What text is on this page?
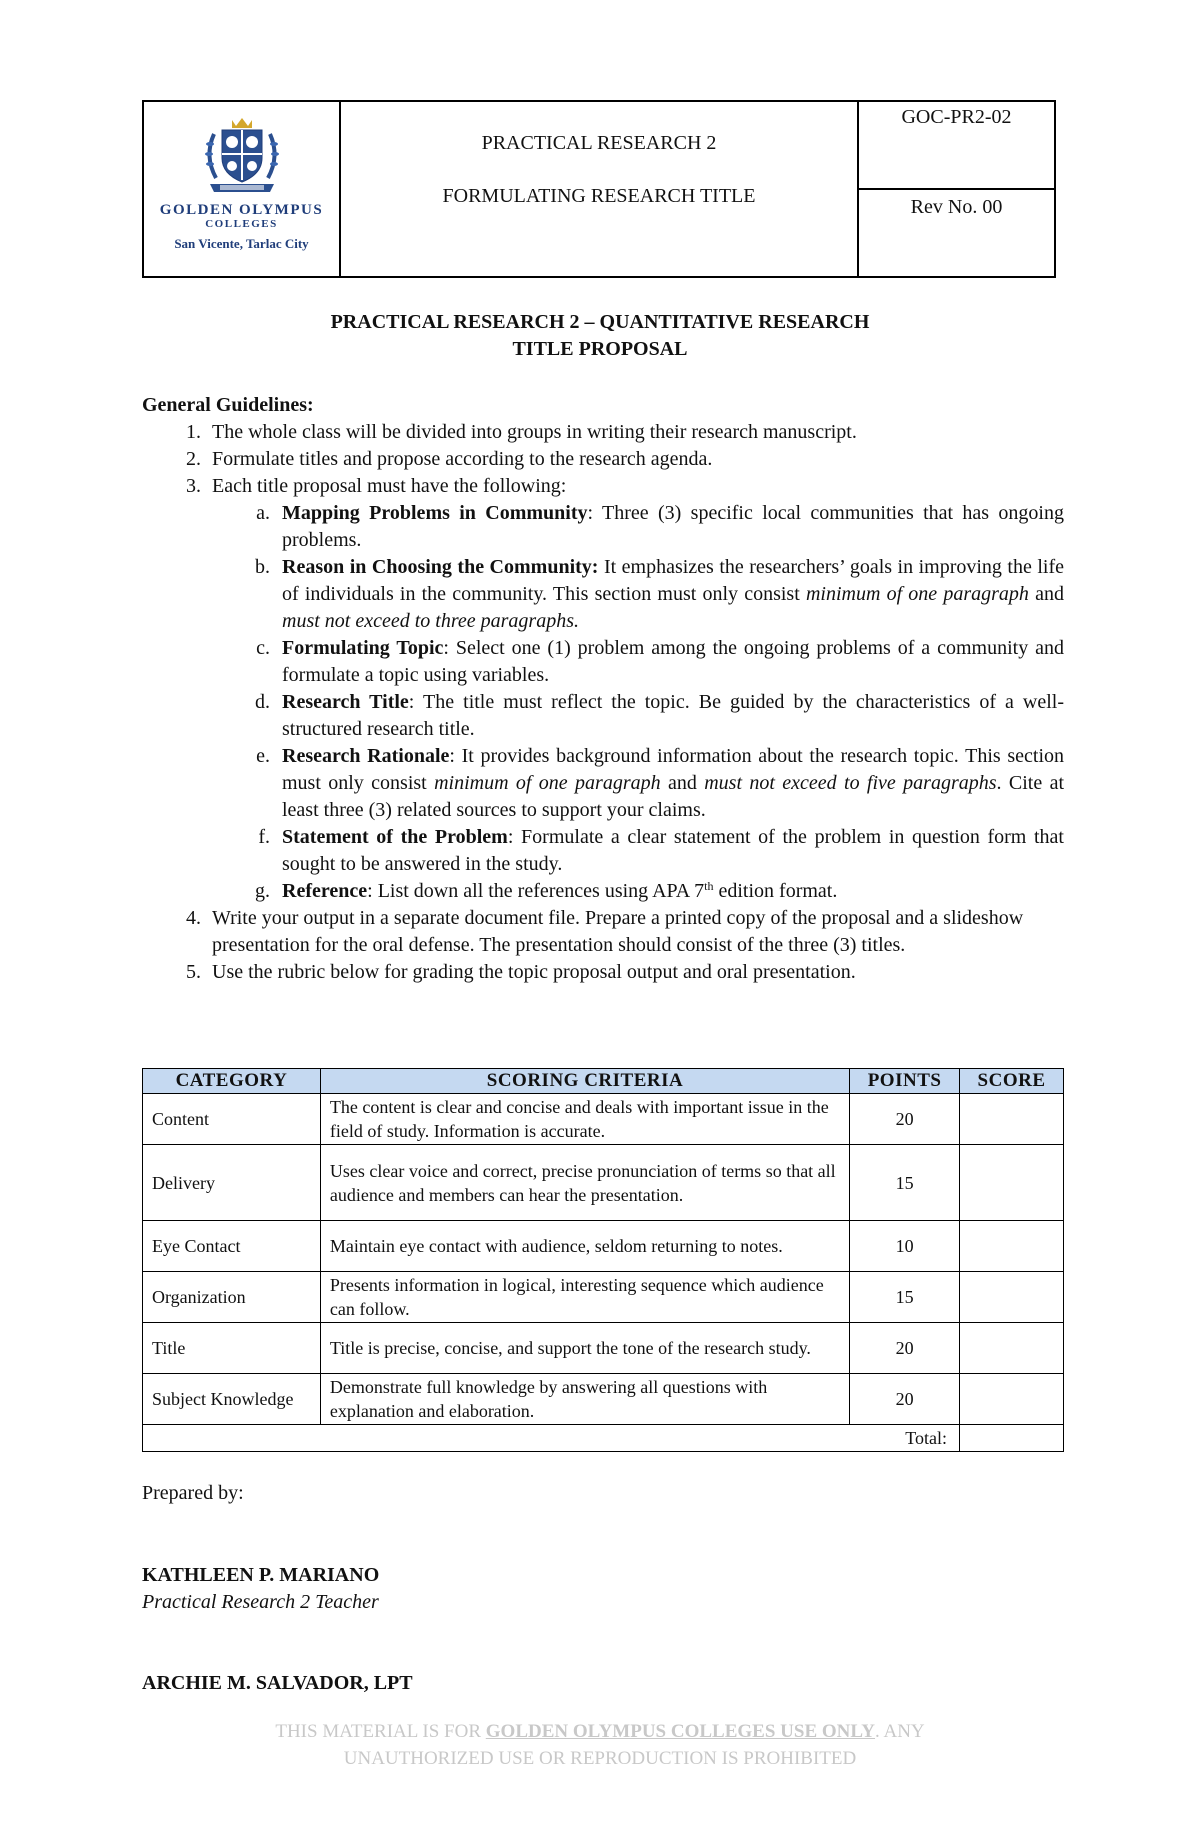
GOLDEN OLYMPUS
COLLEGES
San Vicente, Tarlac City
PRACTICAL RESEARCH 2
FORMULATING RESEARCH TITLE
GOC-PR2-02
Rev No. 00
PRACTICAL RESEARCH 2 – QUANTITATIVE RESEARCH
TITLE PROPOSAL
General Guidelines:
1. The whole class will be divided into groups in writing their research manuscript.
2. Formulate titles and propose according to the research agenda.
3. Each title proposal must have the following:
a. Mapping Problems in Community: Three (3) specific local communities that has ongoing problems.
b. Reason in Choosing the Community: It emphasizes the researchers’ goals in improving the life of individuals in the community. This section must only consist minimum of one paragraph and must not exceed to three paragraphs.
c. Formulating Topic: Select one (1) problem among the ongoing problems of a community and formulate a topic using variables.
d. Research Title: The title must reflect the topic. Be guided by the characteristics of a well-structured research title.
e. Research Rationale: It provides background information about the research topic. This section must only consist minimum of one paragraph and must not exceed to five paragraphs. Cite at least three (3) related sources to support your claims.
f. Statement of the Problem: Formulate a clear statement of the problem in question form that sought to be answered in the study.
g. Reference: List down all the references using APA 7th edition format.
4. Write your output in a separate document file. Prepare a printed copy of the proposal and a slideshow presentation for the oral defense. The presentation should consist of the three (3) titles.
5. Use the rubric below for grading the topic proposal output and oral presentation.
CATEGORY	SCORING CRITERIA	POINTS	SCORE
Content	The content is clear and concise and deals with important issue in the field of study. Information is accurate.	20	
Delivery	Uses clear voice and correct, precise pronunciation of terms so that all audience and members can hear the presentation.	15	
Eye Contact	Maintain eye contact with audience, seldom returning to notes.	10	
Organization	Presents information in logical, interesting sequence which audience can follow.	15	
Title	Title is precise, concise, and support the tone of the research study.	20	
Subject Knowledge	Demonstrate full knowledge by answering all questions with explanation and elaboration.	20	
Total:			
Prepared by:
KATHLEEN P. MARIANO
Practical Research 2 Teacher
ARCHIE M. SALVADOR, LPT
THIS MATERIAL IS FOR GOLDEN OLYMPUS COLLEGES USE ONLY. ANY
UNAUTHORIZED USE OR REPRODUCTION IS PROHIBITED
